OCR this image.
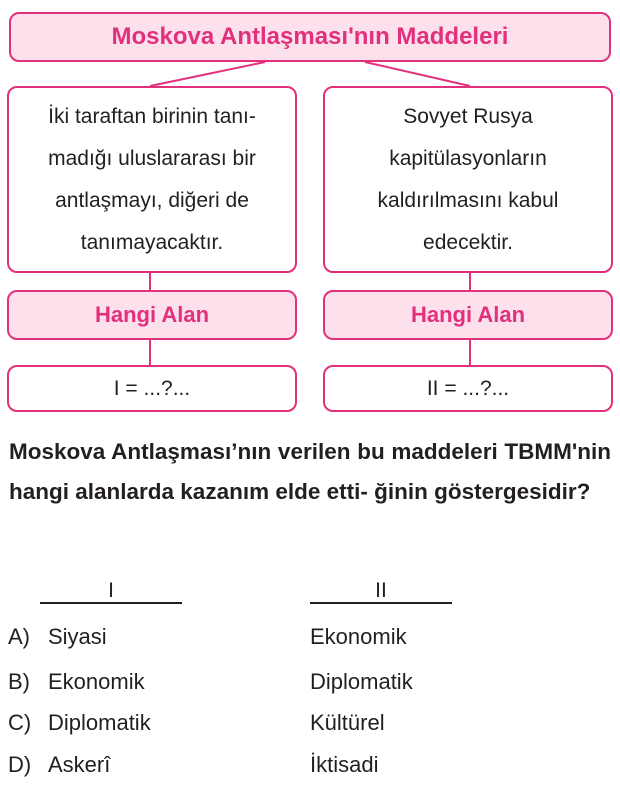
Moskova Antlaşması'nın Maddeleri
İki taraftan birinin tanı- madığı uluslararası bir antlaşmayı, diğeri de tanımayacaktır.
Sovyet Rusya kapitülasyonların kaldırılmasını kabul edecektir.
Hangi Alan	Hangi Alan
I = ...?...	II = ...?...
Moskova Antlaşması’nın verilen bu maddeleri TBMM'nin hangi alanlarda kazanım elde etti- ğinin göstergesidir?
I	II
A) Siyasi	Ekonomik
B) Ekonomik	Diplomatik
C) Diplomatik	Kültürel
D) Askerî	İktisadi
